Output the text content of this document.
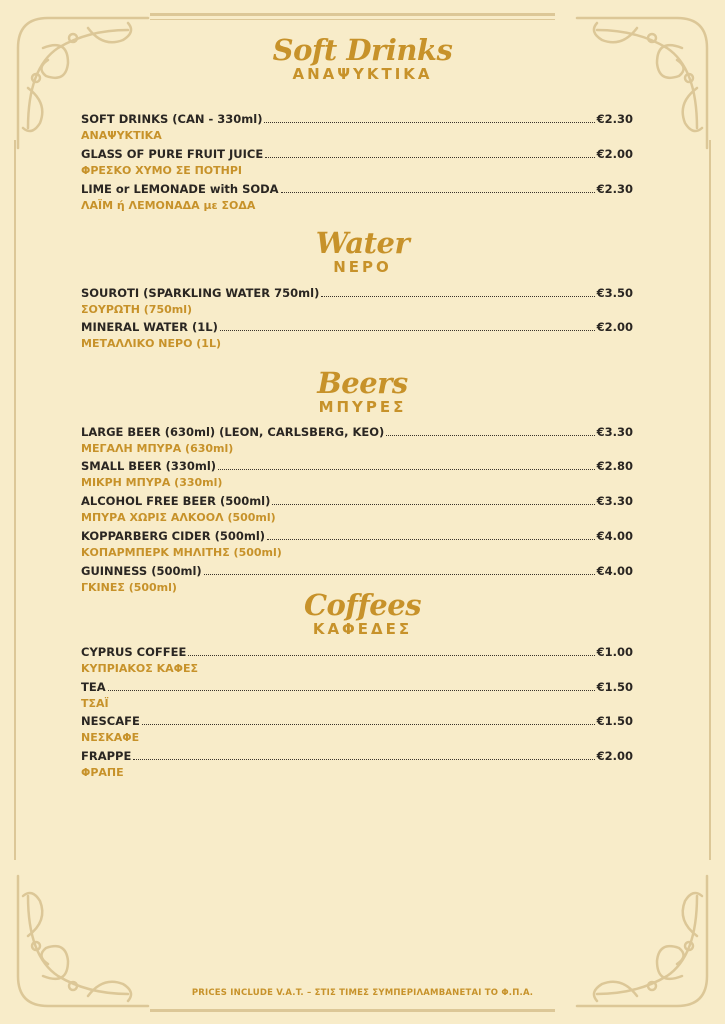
Soft Drinks
ΑΝΑΨΥΚΤΙΚΑ
SOFT DRINKS (CAN - 330ml)	€2.30
ΑΝΑΨΥΚΤΙΚΑ
GLASS OF PURE FRUIT JUICE	€2.00
ΦΡΕΣΚΟ ΧΥΜΟ ΣΕ ΠΟΤΗΡΙ
LIME or LEMONADE with SODA	€2.30
ΛΑΪΜ ή ΛΕΜΟΝΑΔΑ με ΣΟΔΑ
Water
ΝΕΡΟ
SOUROTI (SPARKLING WATER 750ml)	€3.50
ΣΟΥΡΩΤΗ (750ml)
MINERAL WATER (1L)	€2.00
ΜΕΤΑΛΛΙΚΟ ΝΕΡΟ (1L)
Beers
ΜΠΥΡΕΣ
LARGE BEER (630ml) (LEON, CARLSBERG, KEO)	€3.30
ΜΕΓΑΛΗ ΜΠΥΡΑ (630ml)
SMALL BEER (330ml)	€2.80
ΜΙΚΡΗ ΜΠΥΡΑ (330ml)
ALCOHOL FREE BEER (500ml)	€3.30
ΜΠΥΡΑ ΧΩΡΙΣ ΑΛΚΟΟΛ (500ml)
KOPPARBERG CIDER (500ml)	€4.00
ΚΟΠΑΡΜΠΕΡΚ ΜΗΛΙΤΗΣ (500ml)
GUINNESS (500ml)	€4.00
ΓΚΙΝΕΣ (500ml)
Coffees
ΚΑΦΕΔΕΣ
CYPRUS COFFEE	€1.00
ΚΥΠΡΙΑΚΟΣ ΚΑΦΕΣ
TEA	€1.50
ΤΣΑΪ
NESCAFE	€1.50
ΝΕΣΚΑΦΕ
FRAPPE	€2.00
ΦΡΑΠΕ
PRICES INCLUDE V.A.T. – ΣΤΙΣ ΤΙΜΕΣ ΣΥΜΠΕΡΙΛΑΜΒΑΝΕΤΑΙ ΤΟ Φ.Π.Α.
